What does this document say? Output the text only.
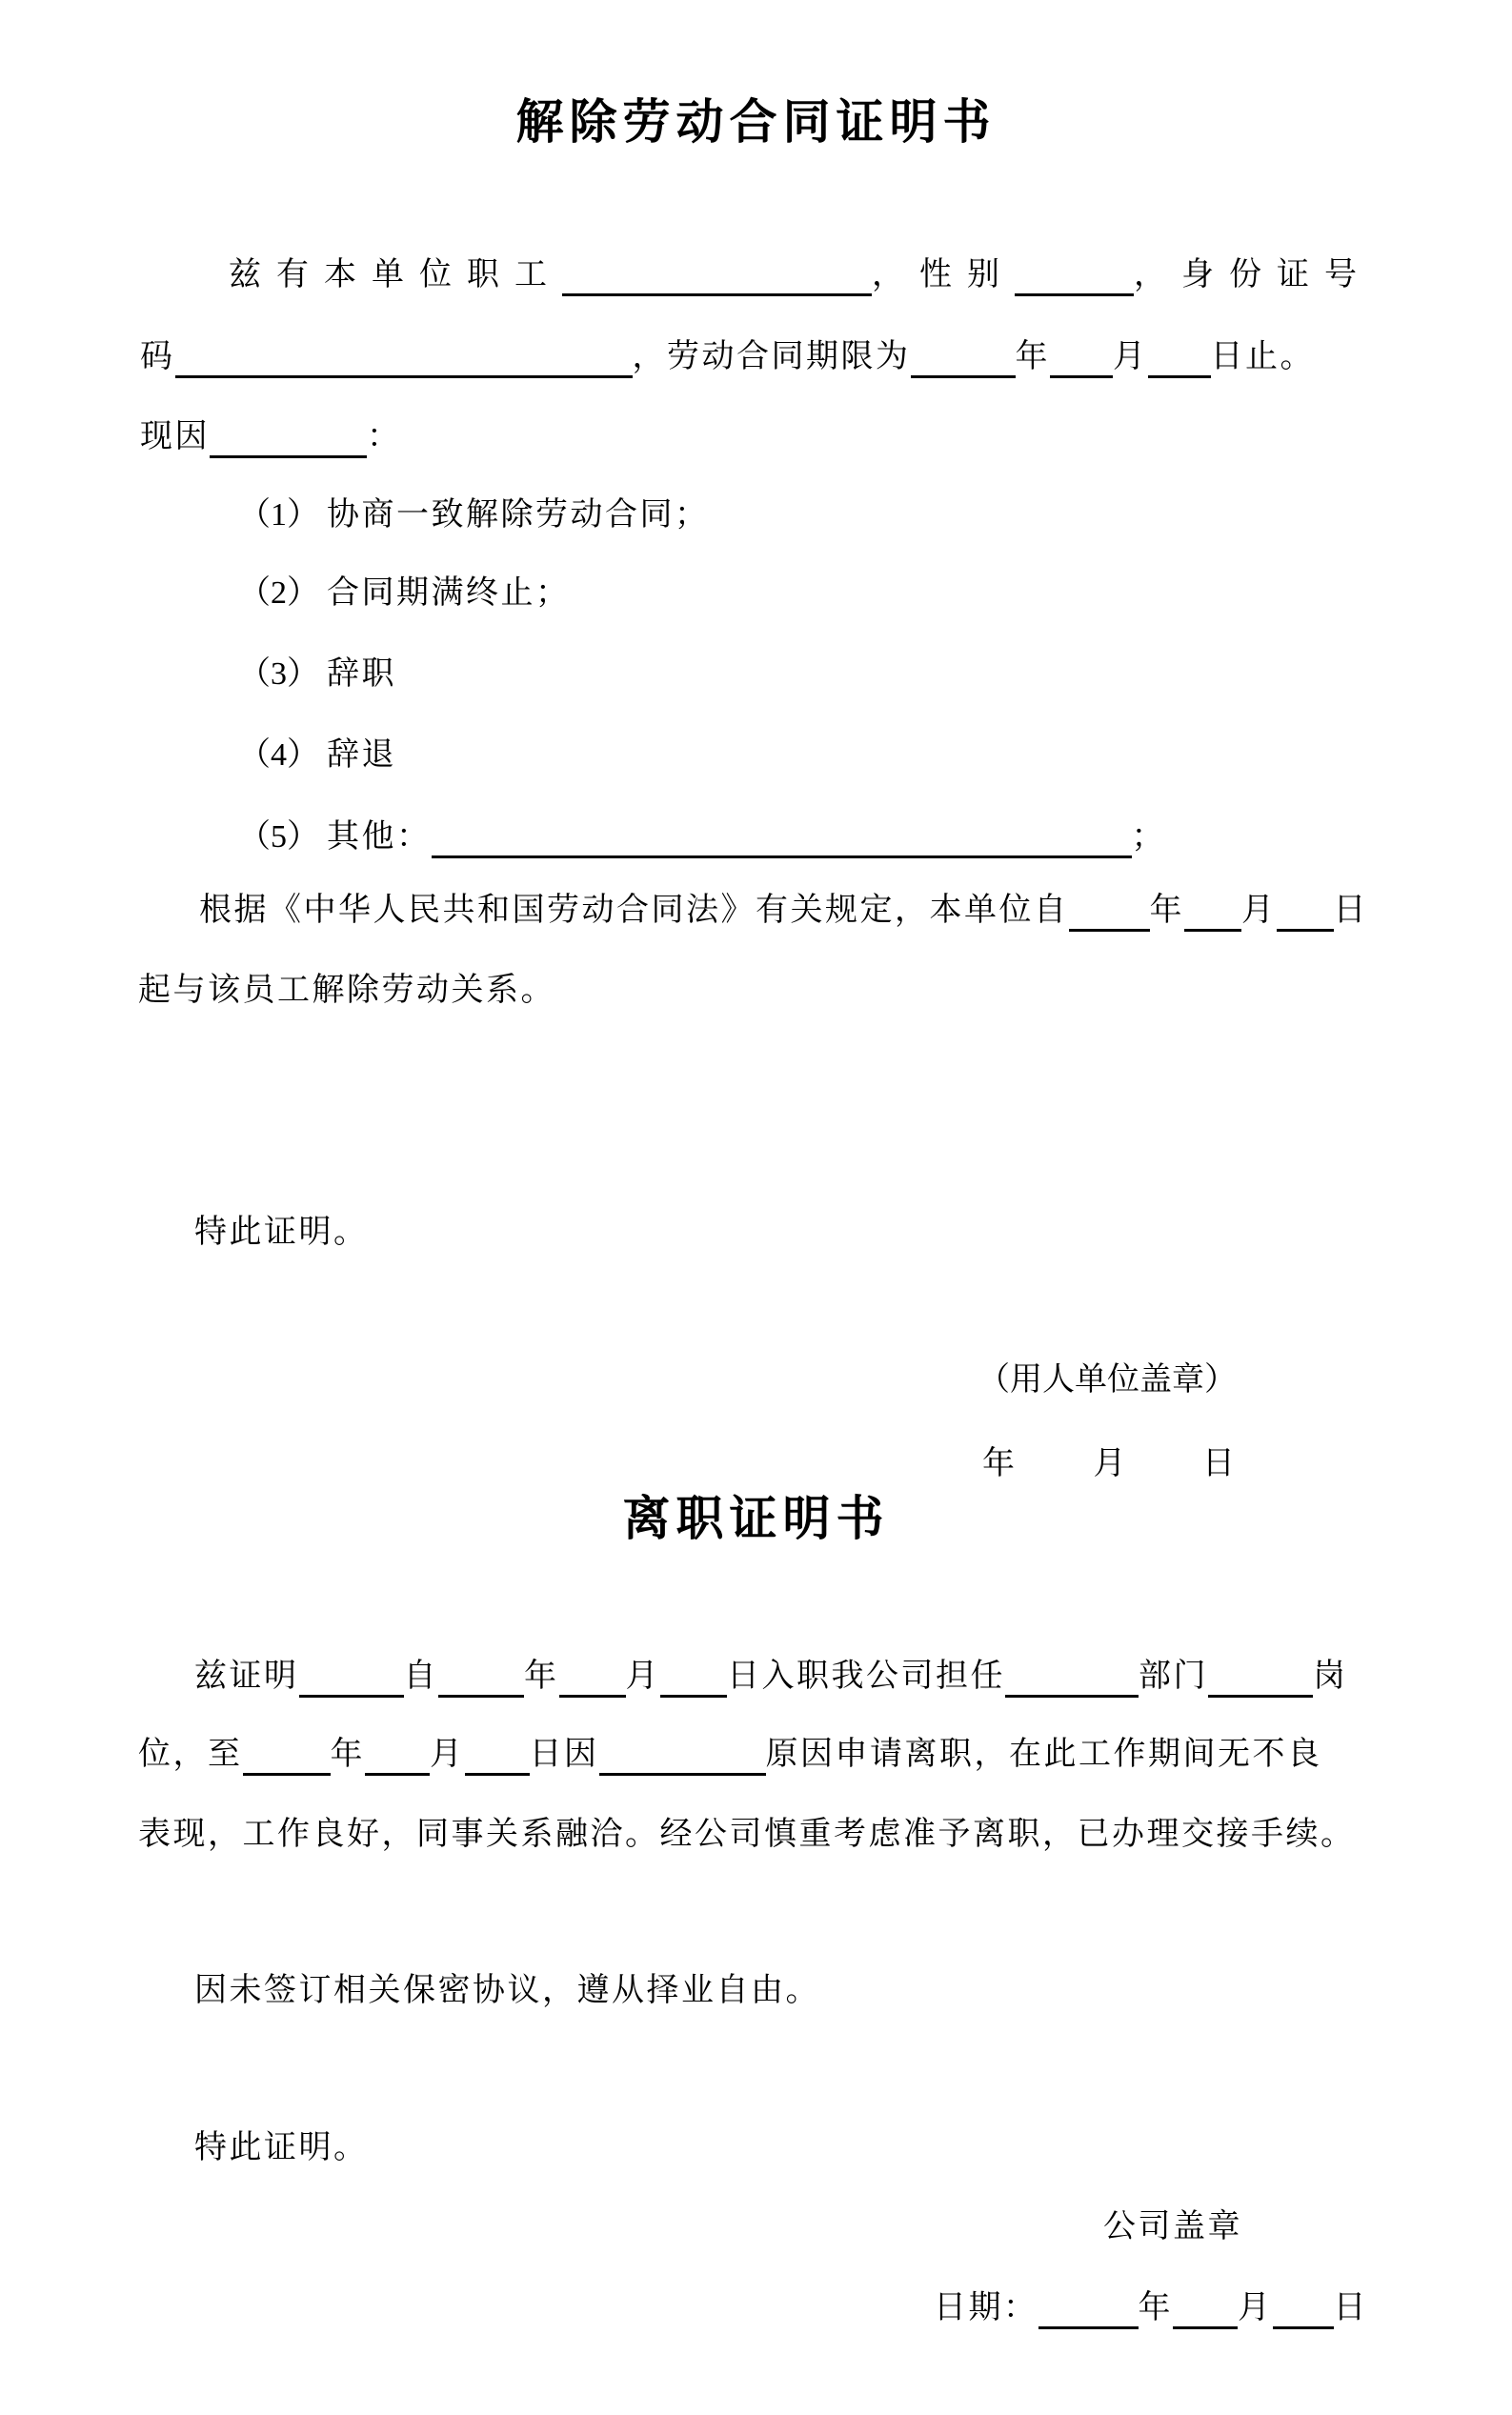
解除劳动合同证明书
兹有本单位职工	，性别	，身份证号
码	，劳动合同期限为	年 月 日止。
现因	：
（1） 协商一致解除劳动合同；
（2） 合同期满终止；
（3） 辞职
（4） 辞退
（5） 其他：	；
根据《中华人民共和国劳动合同法》有关规定，本单位自	年 月 日
起与该员工解除劳动关系。
特此证明。
（用人单位盖章）
年 月 日
离职证明书
兹证明	自	年 月 日入职我公司担任	部门	岗
位，至	年 月 日因	原因申请离职，在此工作期间无不良
表现，工作良好，同事关系融洽。经公司慎重考虑准予离职，已办理交接手续。
因未签订相关保密协议，遵从择业自由。
特此证明。
公司盖章
日期：	年 月 日
